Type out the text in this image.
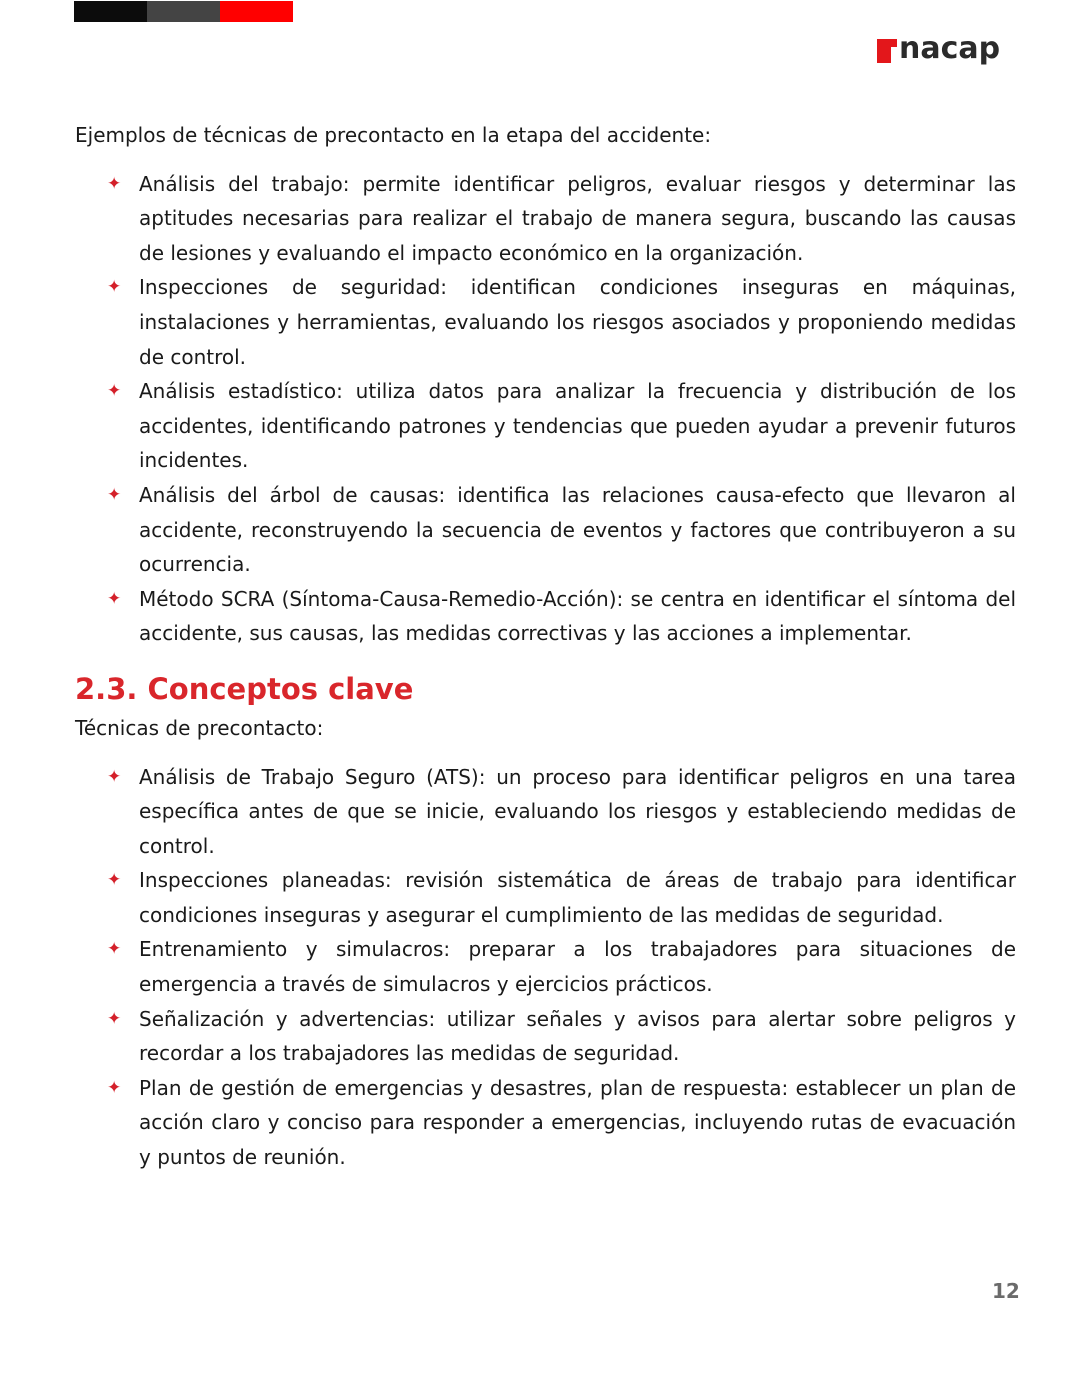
nacap

Ejemplos de técnicas de precontacto en la etapa del accidente:

✦ Análisis del trabajo: permite identificar peligros, evaluar riesgos y determinar las aptitudes necesarias para realizar el trabajo de manera segura, buscando las causas de lesiones y evaluando el impacto económico en la organización.
✦ Inspecciones de seguridad: identifican condiciones inseguras en máquinas, instalaciones y herramientas, evaluando los riesgos asociados y proponiendo medidas de control.
✦ Análisis estadístico: utiliza datos para analizar la frecuencia y distribución de los accidentes, identificando patrones y tendencias que pueden ayudar a prevenir futuros incidentes.
✦ Análisis del árbol de causas: identifica las relaciones causa-efecto que llevaron al accidente, reconstruyendo la secuencia de eventos y factores que contribuyeron a su ocurrencia.
✦ Método SCRA (Síntoma-Causa-Remedio-Acción): se centra en identificar el síntoma del accidente, sus causas, las medidas correctivas y las acciones a implementar.
2.3. Conceptos clave

Técnicas de precontacto:

✦ Análisis de Trabajo Seguro (ATS): un proceso para identificar peligros en una tarea específica antes de que se inicie, evaluando los riesgos y estableciendo medidas de control.
✦ Inspecciones planeadas: revisión sistemática de áreas de trabajo para identificar condiciones inseguras y asegurar el cumplimiento de las medidas de seguridad.
✦ Entrenamiento y simulacros: preparar a los trabajadores para situaciones de emergencia a través de simulacros y ejercicios prácticos.
✦ Señalización y advertencias: utilizar señales y avisos para alertar sobre peligros y recordar a los trabajadores las medidas de seguridad.
✦ Plan de gestión de emergencias y desastres, plan de respuesta: establecer un plan de acción claro y conciso para responder a emergencias, incluyendo rutas de evacuación y puntos de reunión.
12
